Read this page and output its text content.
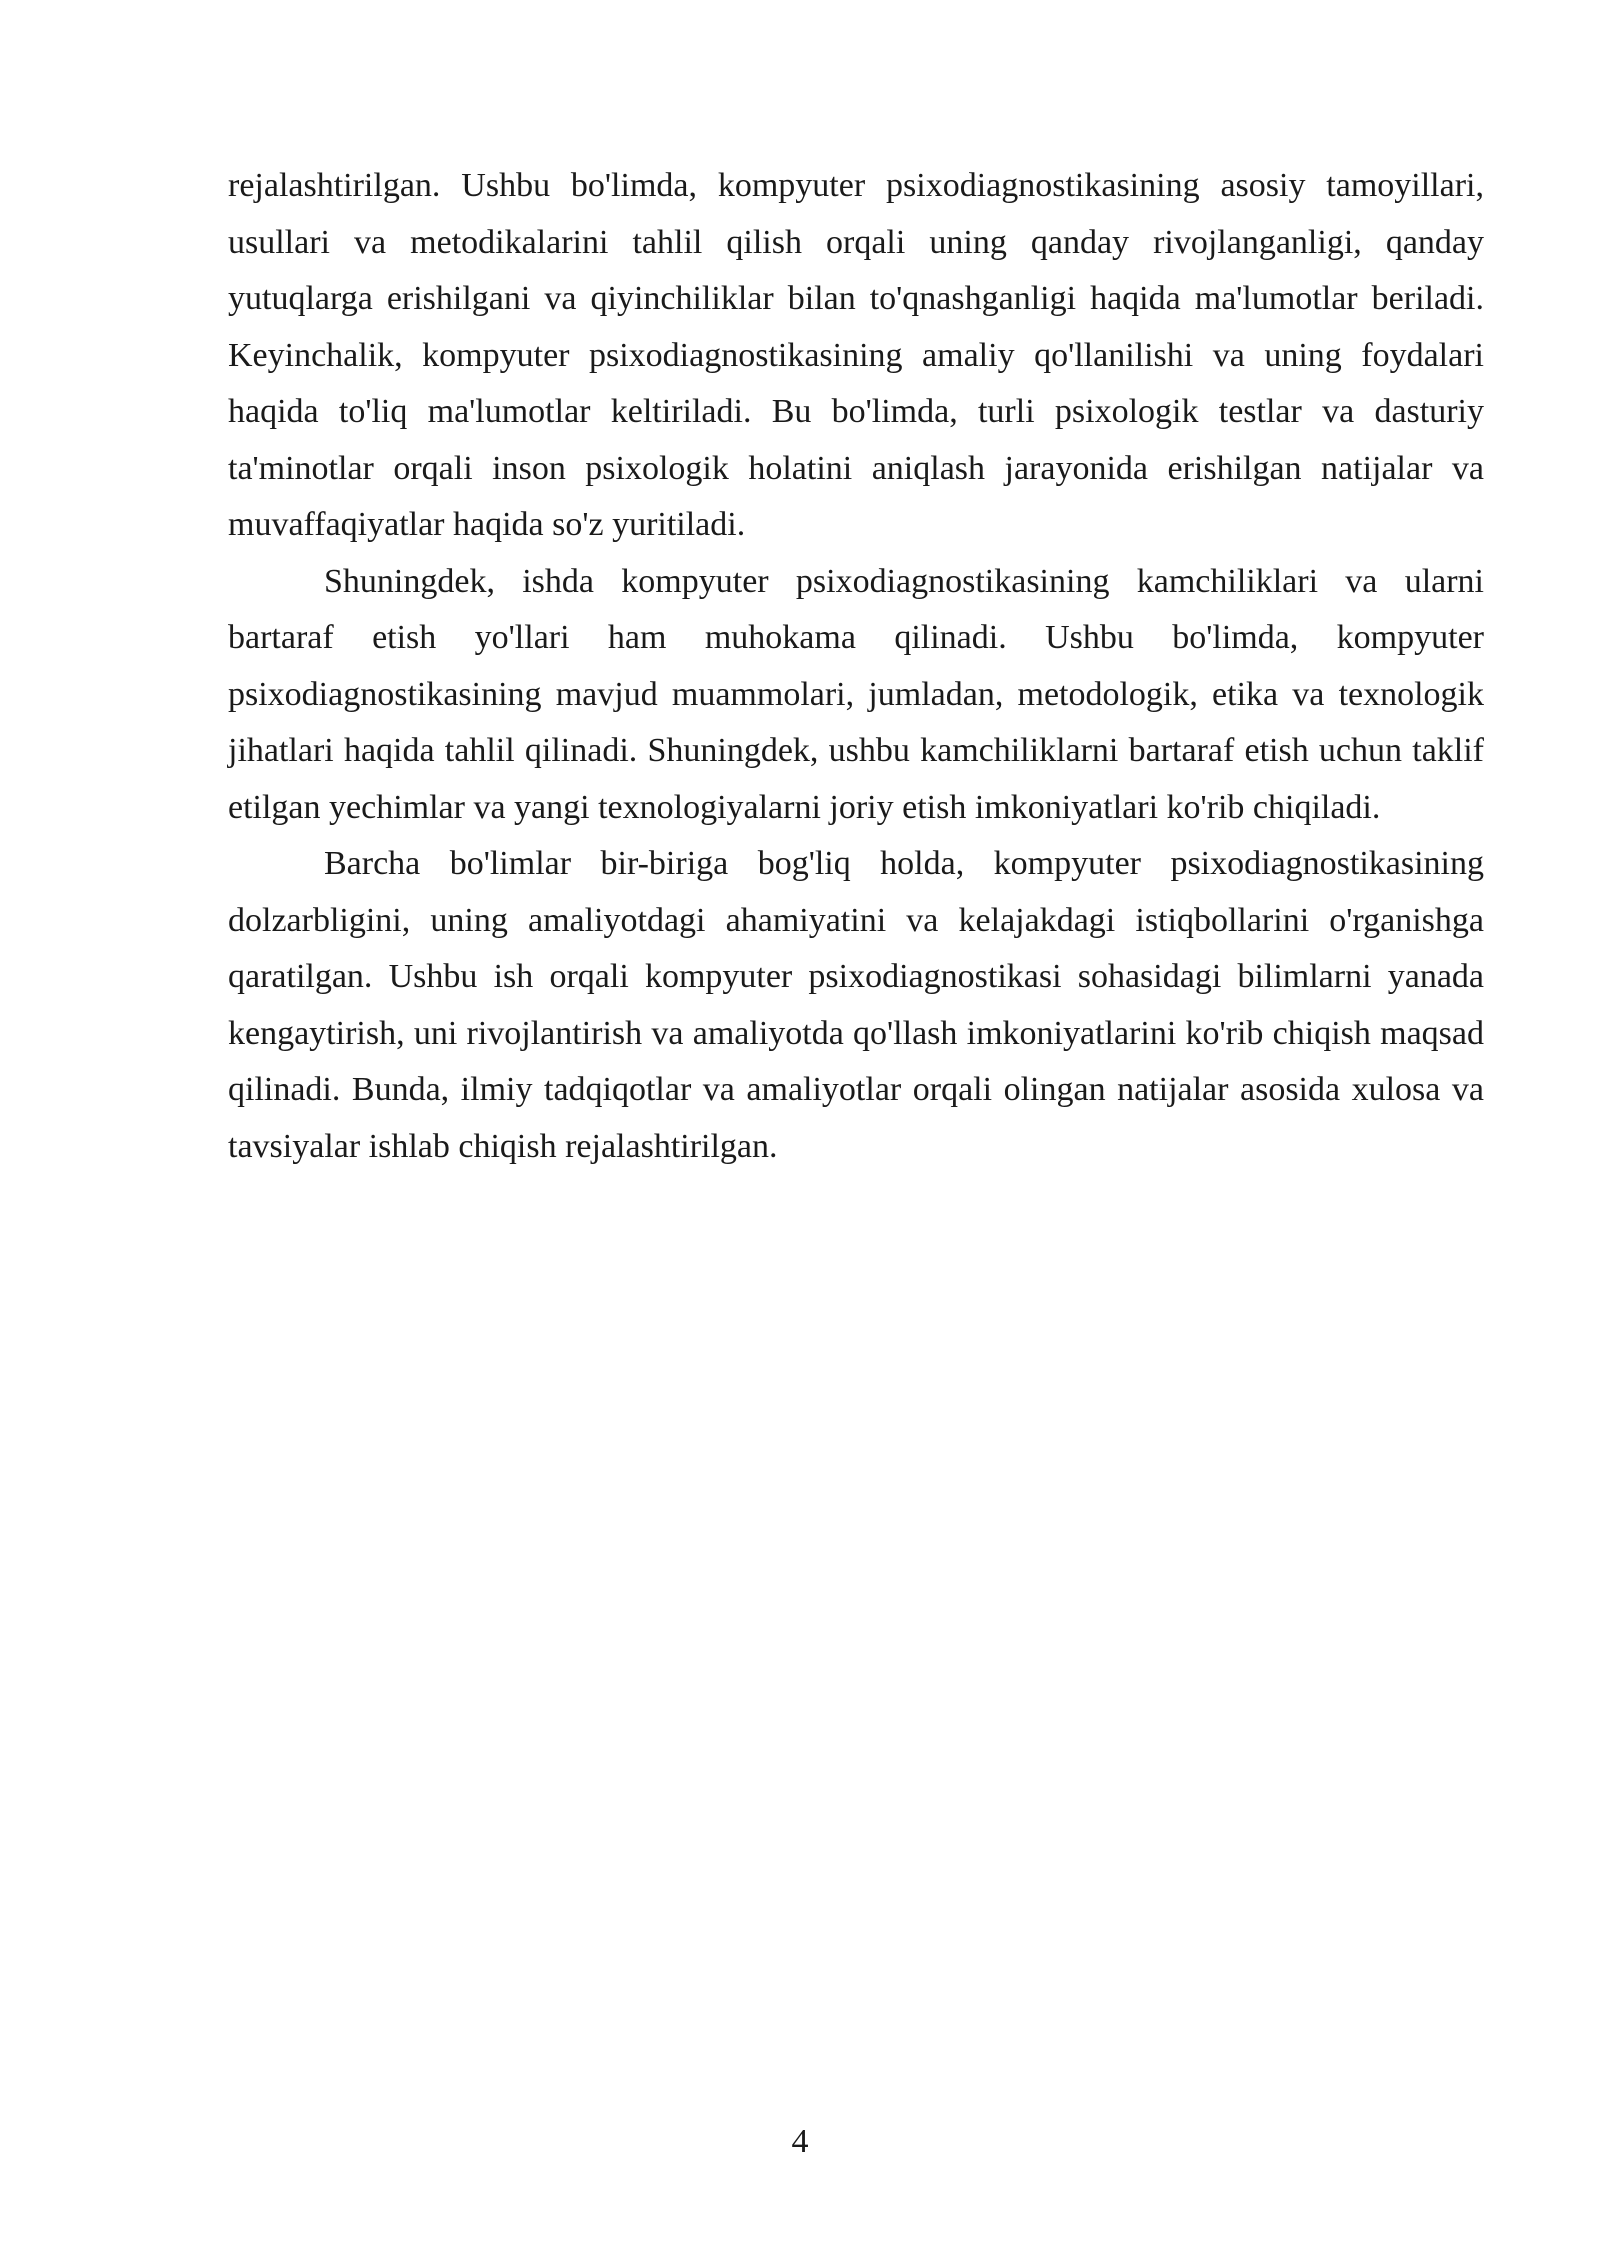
rejalashtirilgan. Ushbu bo'limda, kompyuter psixodiagnostikasining asosiy tamoyillari, usullari va metodikalarini tahlil qilish orqali uning qanday rivojlanganligi, qanday yutuqlarga erishilgani va qiyinchiliklar bilan to'qnashganligi haqida ma'lumotlar beriladi. Keyinchalik, kompyuter psixodiagnostikasining amaliy qo'llanilishi va uning foydalari haqida to'liq ma'lumotlar keltiriladi. Bu bo'limda, turli psixologik testlar va dasturiy ta'minotlar orqali inson psixologik holatini aniqlash jarayonida erishilgan natijalar va muvaffaqiyatlar haqida so'z yuritiladi.

Shuningdek, ishda kompyuter psixodiagnostikasining kamchiliklari va ularni bartaraf etish yo'llari ham muhokama qilinadi. Ushbu bo'limda, kompyuter psixodiagnostikasining mavjud muammolari, jumladan, metodologik, etika va texnologik jihatlari haqida tahlil qilinadi. Shuningdek, ushbu kamchiliklarni bartaraf etish uchun taklif etilgan yechimlar va yangi texnologiyalarni joriy etish imkoniyatlari ko'rib chiqiladi.

Barcha bo'limlar bir-biriga bog'liq holda, kompyuter psixodiagnostikasining dolzarbligini, uning amaliyotdagi ahamiyatini va kelajakdagi istiqbollarini o'rganishga qaratilgan. Ushbu ish orqali kompyuter psixodiagnostikasi sohasidagi bilimlarni yanada kengaytirish, uni rivojlantirish va amaliyotda qo'llash imkoniyatlarini ko'rib chiqish maqsad qilinadi. Bunda, ilmiy tadqiqotlar va amaliyotlar orqali olingan natijalar asosida xulosa va tavsiyalar ishlab chiqish rejalashtirilgan.

4
